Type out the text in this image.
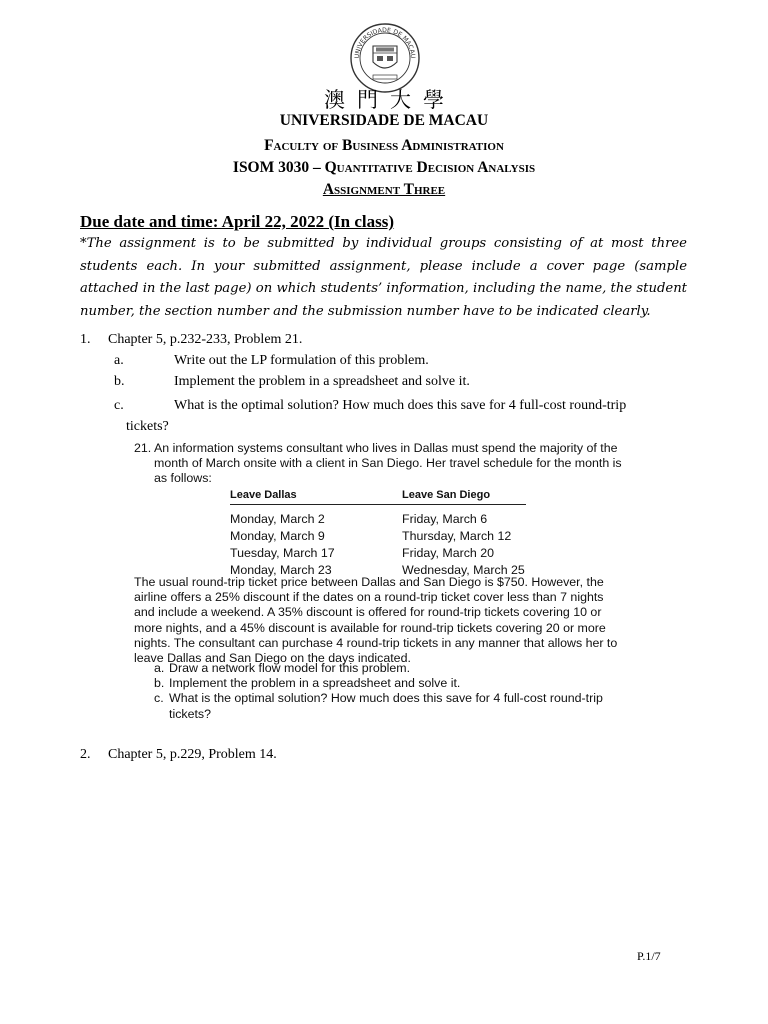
UNIVERSIDADE DE MACAU
澳門大學
UNIVERSIDADE DE MACAU
Faculty of Business Administration
ISOM 3030 – Quantitative Decision Analysis
Assignment Three
Due date and time: April 22, 2022 (In class)
*The assignment is to be submitted by individual groups consisting of at most three students each. In your submitted assignment, please include a cover page (sample attached in the last page) on which students’ information, including the name, the student number, the section number and the submission number have to be indicated clearly.
1. Chapter 5, p.232-233, Problem 21.
a.	Write out the LP formulation of this problem.
b.	Implement the problem in a spreadsheet and solve it.
c.	What is the optimal solution? How much does this save for 4 full-cost round-trip
tickets?
21. An information systems consultant who lives in Dallas must spend the majority of the month of March onsite with a client in San Diego. Her travel schedule for the month is as follows:
Leave Dallas	Leave San Diego
Monday, March 2	Friday, March 6
Monday, March 9	Thursday, March 12
Tuesday, March 17	Friday, March 20
Monday, March 23	Wednesday, March 25
The usual round-trip ticket price between Dallas and San Diego is $750. However, the airline offers a 25% discount if the dates on a round-trip ticket cover less than 7 nights and include a weekend. A 35% discount is offered for round-trip tickets covering 10 or more nights, and a 45% discount is available for round-trip tickets covering 20 or more nights. The consultant can purchase 4 round-trip tickets in any manner that allows her to leave Dallas and San Diego on the days indicated.
a. Draw a network flow model for this problem.
b. Implement the problem in a spreadsheet and solve it.
c. What is the optimal solution? How much does this save for 4 full-cost round-trip tickets?
2. Chapter 5, p.229, Problem 14.
P.1/7
